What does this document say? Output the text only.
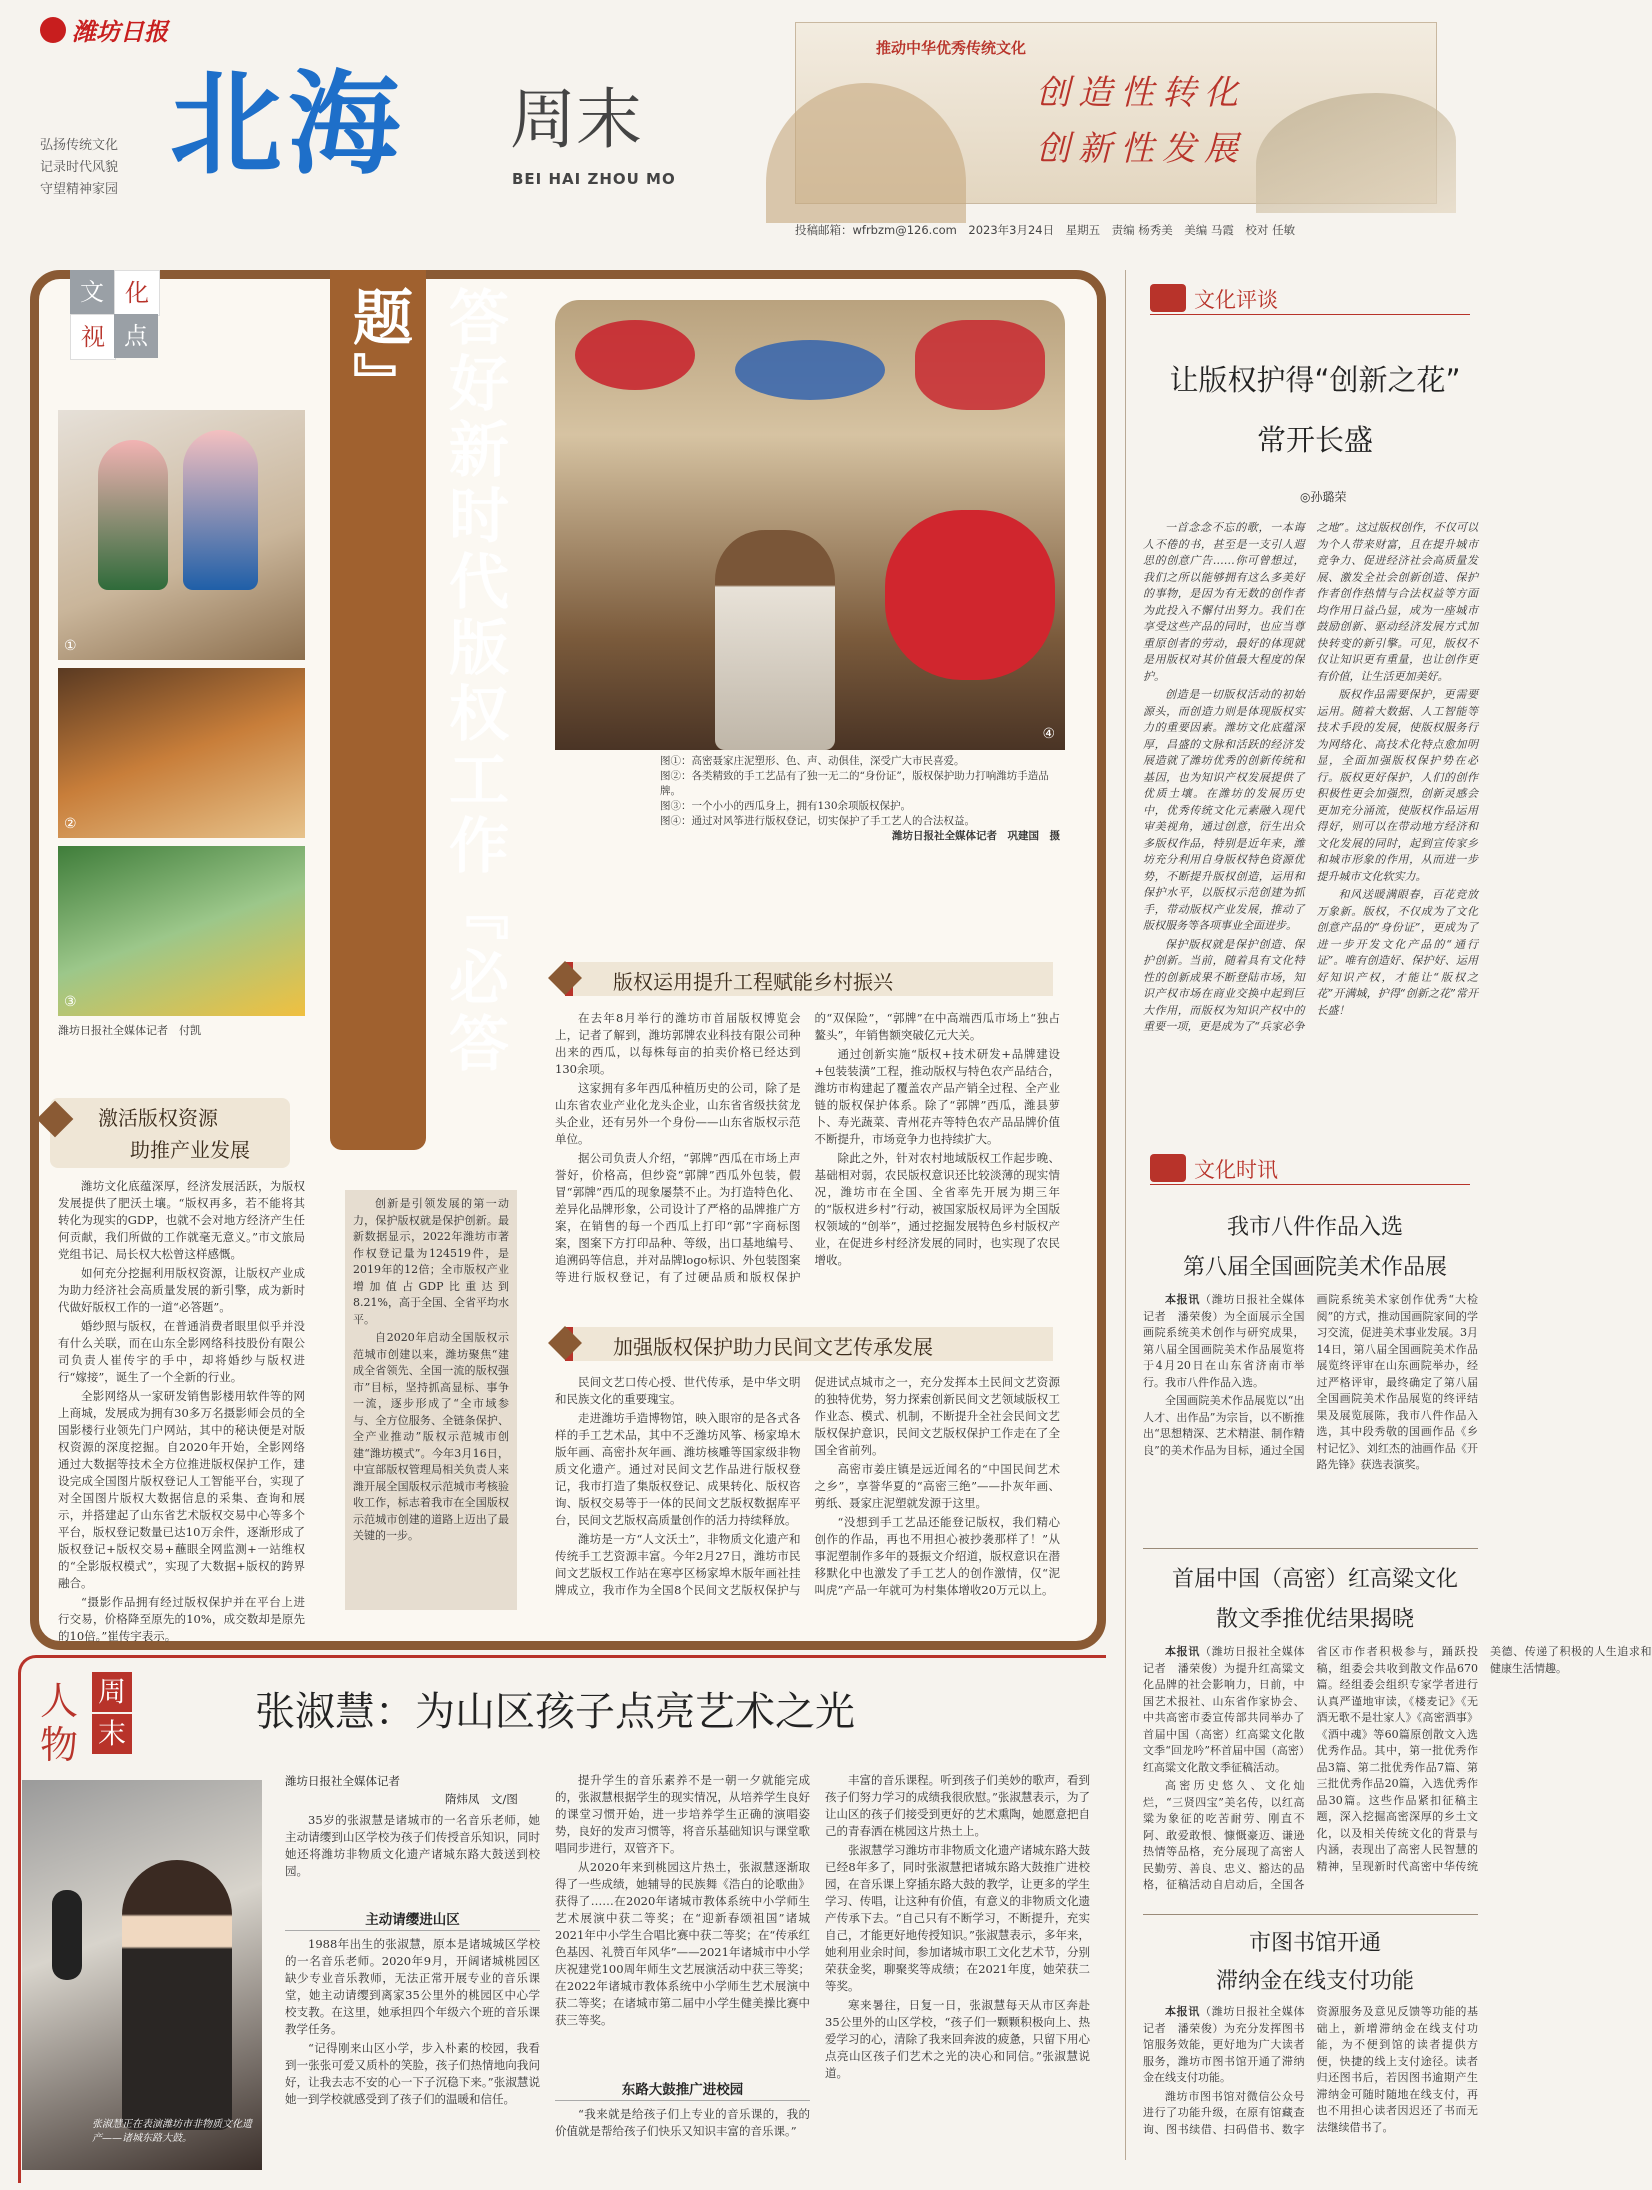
潍坊日报
弘扬传统文化
记录时代风貌
守望精神家园 北海 周末
BEI HAI ZHOU MO
推动中华优秀传统文化
创造性转化
创新性发展
投稿邮箱：wfrbzm@126.com　2023年3月24日　星期五　责编 杨秀美　美编 马霞　校对 任敏
文 化
视 点
①
②
③
潍坊日报社全媒体记者　付凯	答好新时代版权工作『必答题』
④
图①：高密聂家庄泥塑形、色、声、动俱佳，深受广大市民喜爱。
图②：各类精致的手工艺品有了独一无二的“身份证”，版权保护助力打响潍坊手造品牌。
图③：一个小小的西瓜身上，拥有130余项版权保护。
图④：通过对风筝进行版权登记，切实保护了手工艺人的合法权益。
潍坊日报社全媒体记者　巩建国　摄
激活版权资源
助推产业发展

潍坊文化底蕴深厚，经济发展活跃，为版权发展提供了肥沃土壤。“版权再多，若不能将其转化为现实的GDP，也就不会对地方经济产生任何贡献，我们所做的工作就毫无意义。”市文旅局党组书记、局长权大松曾这样感慨。

如何充分挖掘利用版权资源，让版权产业成为助力经济社会高质量发展的新引擎，成为新时代做好版权工作的一道“必答题”。

婚纱照与版权，在普通消费者眼里似乎并没有什么关联，而在山东全影网络科技股份有限公司负责人崔传宇的手中，却将婚纱与版权进行“嫁接”，诞生了一个全新的行业。

全影网络从一家研发销售影楼用软件等的网上商城，发展成为拥有30多万名摄影师会员的全国影楼行业领先门户网站，其中的秘诀便是对版权资源的深度挖掘。自2020年开始，全影网络通过大数据等技术全方位推进版权保护工作，建设完成全国图片版权登记人工智能平台，实现了对全国图片版权大数据信息的采集、查询和展示，并搭建起了山东省艺术版权交易中心等多个平台，版权登记数量已达10万余件，逐渐形成了版权登记+版权交易+蘸眼全网监测+一站维权的“全影版权模式”，实现了大数据+版权的跨界融合。

“摄影作品拥有经过版权保护并在平台上进行交易，价格降至原先的10%，成交数却是原先的10倍。”崔传宇表示。

创新是引领发展的第一动力，保护版权就是保护创新。最新数据显示，2022年潍坊市著作权登记量为124519件，是2019年的12倍；全市版权产业增加值占GDP比重达到8.21%，高于全国、全省平均水平。

自2020年启动全国版权示范城市创建以来，潍坊聚焦“建成全省领先、全国一流的版权强市”目标，坚持抓高显标、事争一流，逐步形成了“全市域参与、全方位服务、全链条保护、全产业推动”版权示范城市创建“潍坊模式”。今年3月16日，中宣部版权管理局相关负责人来潍开展全国版权示范城市考核验收工作，标志着我市在全国版权示范城市创建的道路上迈出了最关键的一步。

版权运用提升工程赋能乡村振兴

在去年8月举行的潍坊市首届版权博览会上，记者了解到，潍坊郭牌农业科技有限公司种出来的西瓜，以每株每亩的拍卖价格已经达到130余项。

这家拥有多年西瓜种植历史的公司，除了是山东省农业产业化龙头企业，山东省省级扶贫龙头企业，还有另外一个身份——山东省版权示范单位。

据公司负责人介绍，“郭牌”西瓜在市场上声誉好，价格高，但纱瓷“郭牌”西瓜外包装，假冒“郭牌”西瓜的现象屡禁不止。为打造特色化、差异化品牌形象，公司设计了严格的品牌推广方案，在销售的每一个西瓜上打印“郭”字商标图案，图案下方打印品种、等级，出口基地编号、追溯码等信息，并对品牌logo标识、外包装图案等进行版权登记，有了过硬品质和版权保护的“双保险”，“郭牌”在中高端西瓜市场上“独占鳌头”，年销售额突破亿元大关。

通过创新实施“版权+技术研发+品牌建设+包装装潢”工程，推动版权与特色农产品结合，潍坊市构建起了覆盖农产品产销全过程、全产业链的版权保护体系。除了“郭牌”西瓜，潍县萝卜、寿光蔬菜、青州花卉等特色农产品品牌价值不断提升，市场竞争力也持续扩大。

除此之外，针对农村地域版权工作起步晚、基础相对弱，农民版权意识还比较淡薄的现实情况，潍坊市在全国、全省率先开展为期三年的“版权进乡村”行动，被国家版权局评为全国版权领域的“创举”，通过挖掘发展特色乡村版权产业，在促进乡村经济发展的同时，也实现了农民增收。

加强版权保护助力民间文艺传承发展

民间文艺口传心授、世代传承，是中华文明和民族文化的重要瑰宝。

走进潍坊手造博物馆，映入眼帘的是各式各样的手工艺术品，其中不乏潍坊风筝、杨家埠木版年画、高密扑灰年画、潍坊核雕等国家级非物质文化遗产。通过对民间文艺作品进行版权登记，我市打造了集版权登记、成果转化、版权咨询、版权交易等于一体的民间文艺版权数据库平台，民间文艺版权高质量创作的活力持续释放。

潍坊是一方“人文沃土”，非物质文化遗产和传统手工艺资源丰富。今年2月27日，潍坊市民间文艺版权工作站在寒亭区杨家埠木版年画社挂牌成立，我市作为全国8个民间文艺版权保护与促进试点城市之一，充分发挥本土民间文艺资源的独特优势，努力探索创新民间文艺领域版权工作业态、模式、机制，不断提升全社会民间文艺版权保护意识，民间文艺版权保护工作走在了全国全省前列。

高密市姜庄镇是远近闻名的“中国民间艺术之乡”，享誉华夏的“高密三绝”——扑灰年画、剪纸、聂家庄泥塑就发源于这里。

“没想到手工艺品还能登记版权，我们精心创作的作品，再也不用担心被抄袭那样了！”从事泥塑制作多年的聂振文介绍道，版权意识在潜移默化中也激发了手工艺人的创作激情，仅“泥叫虎”产品一年就可为村集体增收20万元以上。

文化评谈
让版权护得“创新之花”
常开长盛
◎孙璐荣

一首念念不忘的歌，一本诲人不倦的书，甚至是一支引人遐思的创意广告……你可曾想过，我们之所以能够拥有这么多美好的事物，是因为有无数的创作者为此投入不懈付出努力。我们在享受这些产品的同时，也应当尊重原创者的劳动，最好的体现就是用版权对其价值最大程度的保护。

创造是一切版权活动的初始源头，而创造力则是体现版权实力的重要因素。潍坊文化底蕴深厚，昌盛的文脉和活跃的经济发展造就了潍坊优秀的创新传统和基因，也为知识产权发展提供了优质土壤。在潍坊的发展历史中，优秀传统文化元素融入现代审美视角，通过创意，衍生出众多版权作品，特别是近年来，潍坊充分利用自身版权特色资源优势，不断提升版权创造，运用和保护水平，以版权示范创建为抓手，带动版权产业发展，推动了版权服务等各项事业全面进步。

保护版权就是保护创造、保护创新。当前，随着具有文化特性的创新成果不断登陆市场，知识产权市场在商业交换中起到巨大作用，而版权为知识产权中的重要一项，更是成为了“兵家必争之地”。这过版权创作，不仅可以为个人带来财富，且在提升城市竞争力、促进经济社会高质量发展、激发全社会创新创造、保护作者创作热情与合法权益等方面均作用日益凸显，成为一座城市鼓励创新、驱动经济发展方式加快转变的新引擎。可见，版权不仅让知识更有重量，也让创作更有价值，让生活更加美好。

版权作品需要保护，更需要运用。随着大数据、人工智能等技术手段的发展，使版权服务行为网络化、高技术化特点愈加明显，全面加强版权保护势在必行。版权更好保护，人们的创作积极性更会加强烈，创新灵感会更加充分涌流，使版权作品运用得好，则可以在带动地方经济和文化发展的同时，起到宣传家乡和城市形象的作用，从而进一步提升城市文化软实力。

和风送暖满眼春，百花竞放万象新。版权，不仅成为了文化创意产品的“身份证”，更成为了进一步开发文化产品的“通行证”。唯有创造好、保护好、运用好知识产权，才能让“版权之花”开满城，护得“创新之花”常开长盛！

文化时讯
我市八件作品入选
第八届全国画院美术作品展

本报讯（潍坊日报社全媒体记者　潘荣俊）为全面展示全国画院系统美术创作与研究成果，第八届全国画院美术作品展览将于4月20日在山东省济南市举行。我市八件作品入选。

全国画院美术作品展览以“出人才、出作品”为宗旨，以不断推出“思想精深、艺术精湛、制作精良”的美术作品为目标，通过全国画院系统美术家创作优秀“大检阅”的方式，推动国画院家间的学习交流，促进美术事业发展。3月14日，第八届全国画院美术作品展览终评审在山东画院举办，经过严格评审，最终确定了第八届全国画院美术作品展览的终评结果及展览展陈，我市八件作品入选，其中段秀敬的国画作品《乡村记忆》、刘红杰的油画作品《开路先锋》获选表演奖。

首届中国（高密）红高粱文化
散文季推优结果揭晓

本报讯（潍坊日报社全媒体记者　潘荣俊）为提升红高粱文化品牌的社会影响力，日前，中国艺术报社、山东省作家协会、中共高密市委宣传部共同举办了首届中国（高密）红高粱文化散文季“回龙吟”杯首届中国（高密）红高粱文化散文季征稿活动。

高密历史悠久、文化灿烂，“三贤四宝”美名传，以红高粱为象征的吃苦耐劳、刚直不阿、敢爱敢恨、慷慨豪迈、谦逊热情等品格，充分展现了高密人民勤劳、善良、忠义、豁达的品格，征稿活动自启动后，全国各省区市作者积极参与，踊跃投稿，组委会共收到散文作品670篇。经组委会组织专家学者进行认真严谨地审读，《楼麦记》《无酒无歌不是壮家人》《高密酒事》《酒中魂》等60篇原创散文入选优秀作品。其中，第一批优秀作品3篇、第二批优秀作品7篇、第三批优秀作品20篇，入选优秀作品30篇。这些作品紧扣征稿主题，深入挖掘高密深厚的乡土文化，以及相关传统文化的背景与内涵，表现出了高密人民智慧的精神，呈现新时代高密中华传统美德、传递了积极的人生追求和健康生活情趣。

市图书馆开通
滞纳金在线支付功能

本报讯（潍坊日报社全媒体记者　潘荣俊）为充分发挥图书馆服务效能，更好地为广大读者服务，潍坊市图书馆开通了滞纳金在线支付功能。

潍坊市图书馆对微信公众号进行了功能升级，在原有馆藏查询、图书续借、扫码借书、数字资源服务及意见反馈等功能的基础上，新增滞纳金在线支付功能，为不便到馆的读者提供方便，快捷的线上支付途径。读者归还图书后，若因图书逾期产生滞纳金可随时随地在线支付，再也不用担心读者因迟还了书而无法继续借书了。

人
物
周
末	张淑慧：为山区孩子点亮艺术之光
张淑慧正在表演潍坊市非物质文化遗产——诸城东路大鼓。
潍坊日报社全媒体记者
隋炜凤　文/图

35岁的张淑慧是诸城市的一名音乐老师，她主动请缨到山区学校为孩子们传授音乐知识，同时她还将潍坊非物质文化遗产诸城东路大鼓送到校园。

主动请缨进山区

1988年出生的张淑慧，原本是诸城城区学校的一名音乐老师。2020年9月，开阔诸城桃园区缺少专业音乐教师，无法正常开展专业的音乐课堂，她主动请缨到离家35公里外的桃园区中心学校支教。在这里，她承担四个年级六个班的音乐课教学任务。

“记得刚来山区小学，步入朴素的校园，我看到一张张可爱又质朴的笑脸，孩子们热情地向我问好，让我去志不安的心一下子沉稳下来。”张淑慧说她一到学校就感受到了孩子们的温暖和信任。

提升学生的音乐素养不是一朝一夕就能完成的，张淑慧根据学生的现实情况，从培养学生良好的课堂习惯开始，进一步培养学生正确的演唱姿势，良好的发声习惯等，将音乐基础知识与课堂歌唱同步进行，双管齐下。

从2020年来到桃园这片热土，张淑慧逐渐取得了一些成绩，她辅导的民族舞《浩白的论歌曲》获得了……在2020年诸城市教体系统中小学师生艺术展演中获二等奖；在“迎新春颂祖国”诸城2021年中小学生合唱比赛中获二等奖；在“传承红色基因、礼赞百年风华”——2021年诸城市中小学庆祝建党100周年师生文艺展演活动中获三等奖；在2022年诸城市教体系统中小学师生艺术展演中获二等奖；在诸城市第二届中小学生健美操比赛中获三等奖。

东路大鼓推广进校园

“我来就是给孩子们上专业的音乐课的，我的价值就是帮给孩子们快乐又知识丰富的音乐课。”

丰富的音乐课程。听到孩子们美妙的歌声，看到孩子们努力学习的成绩我很欣慰。”张淑慧表示，为了让山区的孩子们接受到更好的艺术熏陶，她愿意把自己的青春洒在桃园这片热土上。

张淑慧学习潍坊市非物质文化遗产诸城东路大鼓已经8年多了，同时张淑慧把诸城东路大鼓推广进校园，在音乐课上穿插东路大鼓的教学，让更多的学生学习、传唱，让这种有价值，有意义的非物质文化遗产传承下去。“自己只有不断学习，不断提升，充实自己，才能更好地传授知识。”张淑慧表示，多年来，她利用业余时间，参加诸城市职工文化艺术节，分别荣获金奖，聊聚奖等成绩；在2021年度，她荣获二等奖。

寒来暑往，日复一日，张淑慧每天从市区奔赴35公里外的山区学校，“孩子们一颗颗积极向上、热爱学习的心，清除了我来回奔波的疲惫，只留下用心点亮山区孩子们艺术之光的决心和同信。”张淑慧说道。
